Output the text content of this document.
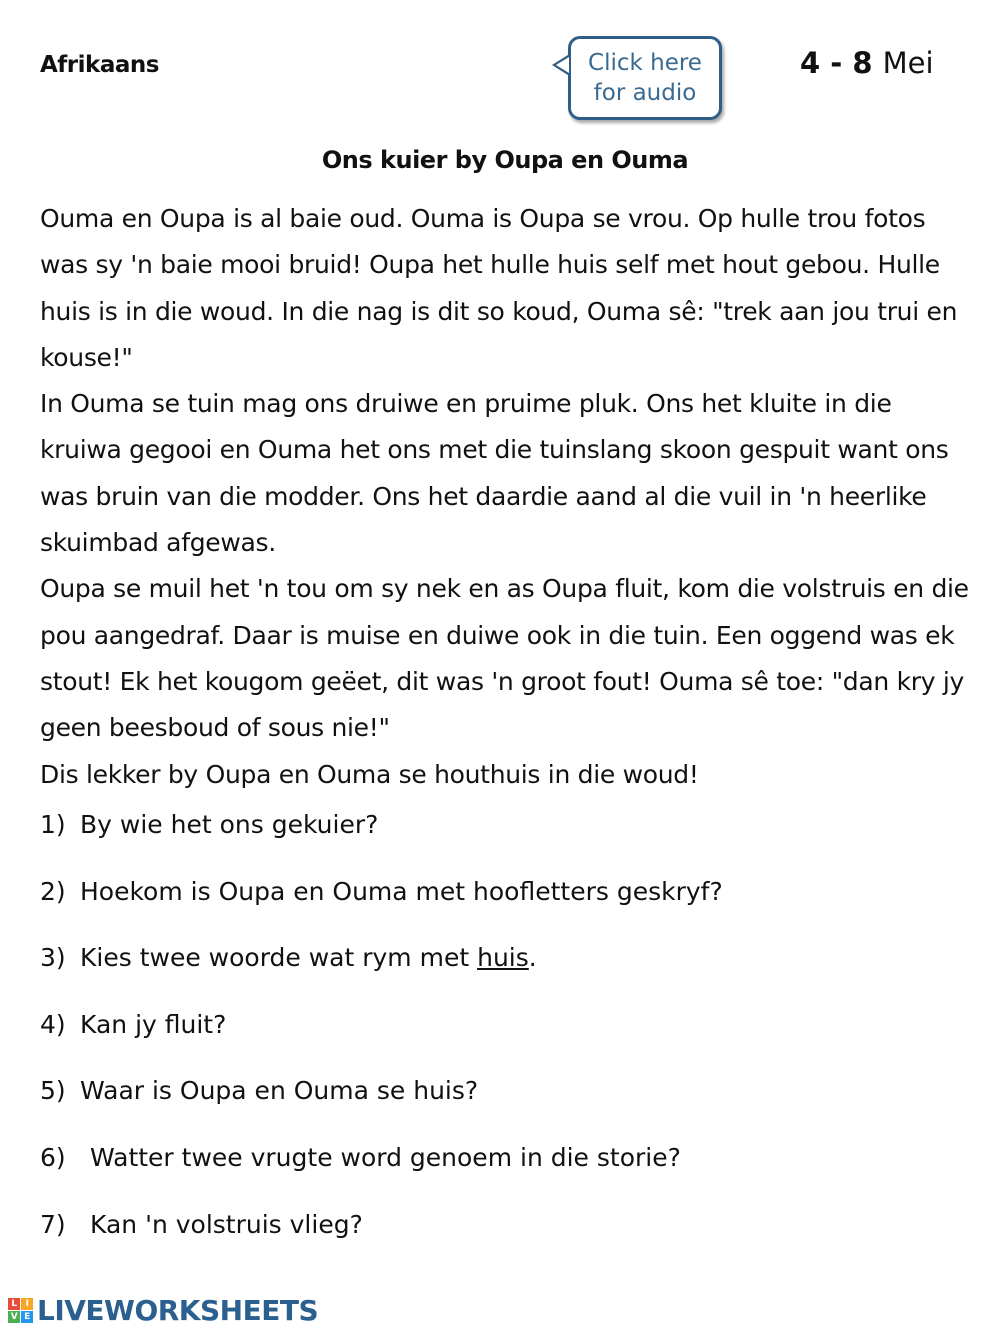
Afrikaans	Click here
for audio
4 - 8 Mei
Ons kuier by Oupa en Ouma

Ouma en Oupa is al baie oud. Ouma is Oupa se vrou. Op hulle trou fotos was sy 'n baie mooi bruid! Oupa het hulle huis self met hout gebou. Hulle huis is in die woud. In die nag is dit so koud, Ouma sê: "trek aan jou trui en kouse!"

In Ouma se tuin mag ons druiwe en pruime pluk. Ons het kluite in die kruiwa gegooi en Ouma het ons met die tuinslang skoon gespuit want ons was bruin van die modder. Ons het daardie aand al die vuil in 'n heerlike skuimbad afgewas.

Oupa se muil het 'n tou om sy nek en as Oupa fluit, kom die volstruis en die pou aangedraf. Daar is muise en duiwe ook in die tuin. Een oggend was ek stout! Ek het kougom geëet, dit was 'n groot fout! Ouma sê toe: "dan kry jy geen beesboud of sous nie!"

Dis lekker by Oupa en Ouma se houthuis in die woud!

1) By wie het ons gekuier?
2) Hoekom is Oupa en Ouma met hoofletters geskryf?
3) Kies twee woorde wat rym met huis.
4) Kan jy fluit?
5) Waar is Oupa en Ouma se huis?
6) Watter twee vrugte word genoem in die storie?
7) Kan 'n volstruis vlieg?
L I
V E LIVEWORKSHEETS
